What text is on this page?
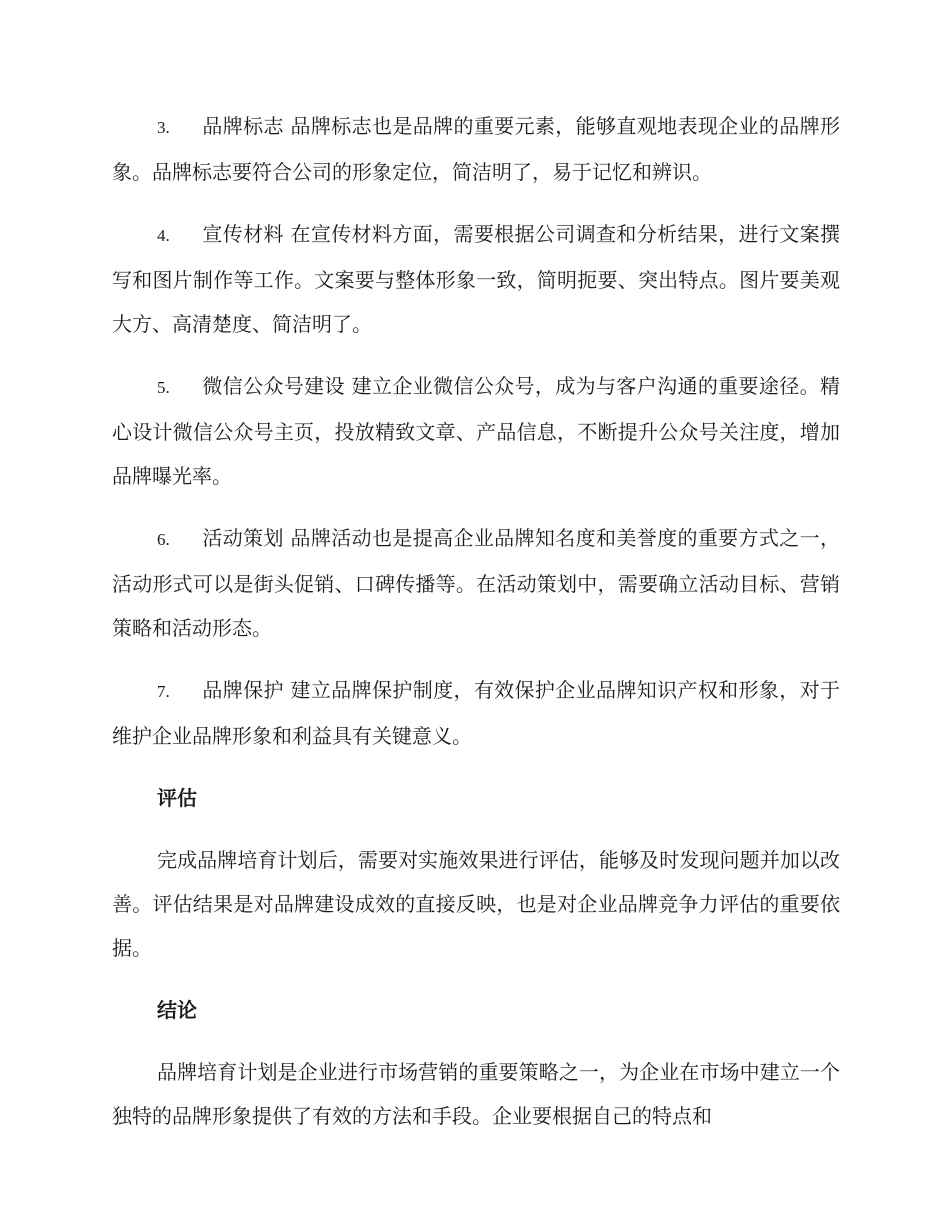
3. 品牌标志 品牌标志也是品牌的重要元素，能够直观地表现企业的品牌形象。品牌标志要符合公司的形象定位，简洁明了，易于记忆和辨识。

4. 宣传材料 在宣传材料方面，需要根据公司调查和分析结果，进行文案撰写和图片制作等工作。文案要与整体形象一致，简明扼要、突出特点。图片要美观大方、高清楚度、简洁明了。

5. 微信公众号建设 建立企业微信公众号，成为与客户沟通的重要途径。精心设计微信公众号主页，投放精致文章、产品信息，不断提升公众号关注度，增加品牌曝光率。

6. 活动策划 品牌活动也是提高企业品牌知名度和美誉度的重要方式之一，活动形式可以是街头促销、口碑传播等。在活动策划中，需要确立活动目标、营销策略和活动形态。

7. 品牌保护 建立品牌保护制度，有效保护企业品牌知识产权和形象，对于维护企业品牌形象和利益具有关键意义。

评估

完成品牌培育计划后，需要对实施效果进行评估，能够及时发现问题并加以改善。评估结果是对品牌建设成效的直接反映，也是对企业品牌竞争力评估的重要依据。

结论

品牌培育计划是企业进行市场营销的重要策略之一，为企业在市场中建立一个独特的品牌形象提供了有效的方法和手段。企业要根据自己的特点和
